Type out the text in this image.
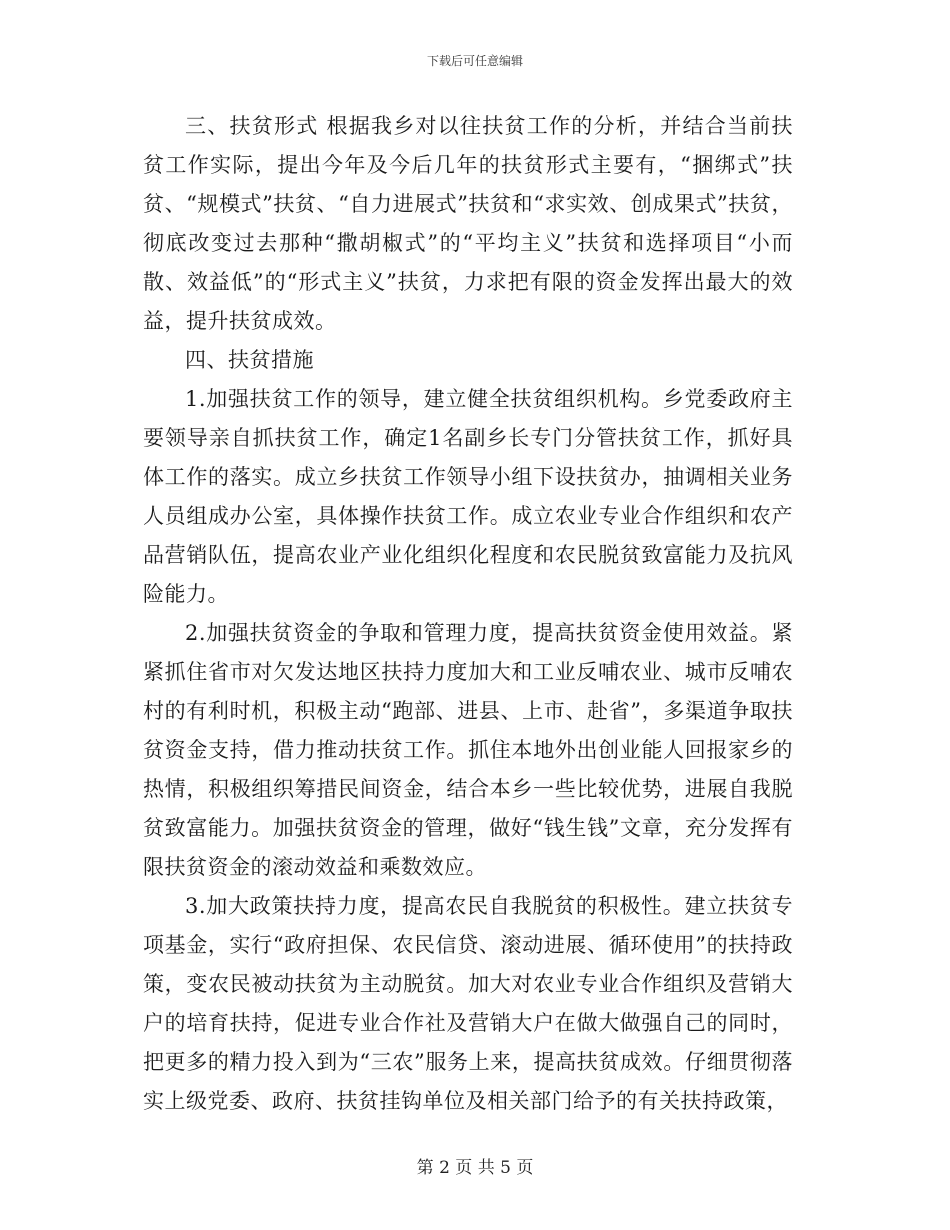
下载后可任意编辑

三、扶贫形式 根据我乡对以往扶贫工作的分析，并结合当前扶贫工作实际，提出今年及今后几年的扶贫形式主要有，“捆绑式”扶贫、“规模式”扶贫、“自力进展式”扶贫和“求实效、创成果式”扶贫，彻底改变过去那种“撒胡椒式”的“平均主义”扶贫和选择项目“小而散、效益低”的“形式主义”扶贫，力求把有限的资金发挥出最大的效益，提升扶贫成效。

四、扶贫措施

1.加强扶贫工作的领导，建立健全扶贫组织机构。乡党委政府主要领导亲自抓扶贫工作，确定1名副乡长专门分管扶贫工作，抓好具体工作的落实。成立乡扶贫工作领导小组下设扶贫办，抽调相关业务人员组成办公室，具体操作扶贫工作。成立农业专业合作组织和农产品营销队伍，提高农业产业化组织化程度和农民脱贫致富能力及抗风险能力。

2.加强扶贫资金的争取和管理力度，提高扶贫资金使用效益。紧紧抓住省市对欠发达地区扶持力度加大和工业反哺农业、城市反哺农村的有利时机，积极主动“跑部、进县、上市、赴省”，多渠道争取扶贫资金支持，借力推动扶贫工作。抓住本地外出创业能人回报家乡的热情，积极组织筹措民间资金，结合本乡一些比较优势，进展自我脱贫致富能力。加强扶贫资金的管理，做好“钱生钱”文章，充分发挥有限扶贫资金的滚动效益和乘数效应。

3.加大政策扶持力度，提高农民自我脱贫的积极性。建立扶贫专项基金，实行“政府担保、农民信贷、滚动进展、循环使用”的扶持政策，变农民被动扶贫为主动脱贫。加大对农业专业合作组织及营销大户的培育扶持，促进专业合作社及营销大户在做大做强自己的同时，把更多的精力投入到为“三农”服务上来，提高扶贫成效。仔细贯彻落实上级党委、政府、扶贫挂钩单位及相关部门给予的有关扶持政策，

第 2 页 共 5 页
